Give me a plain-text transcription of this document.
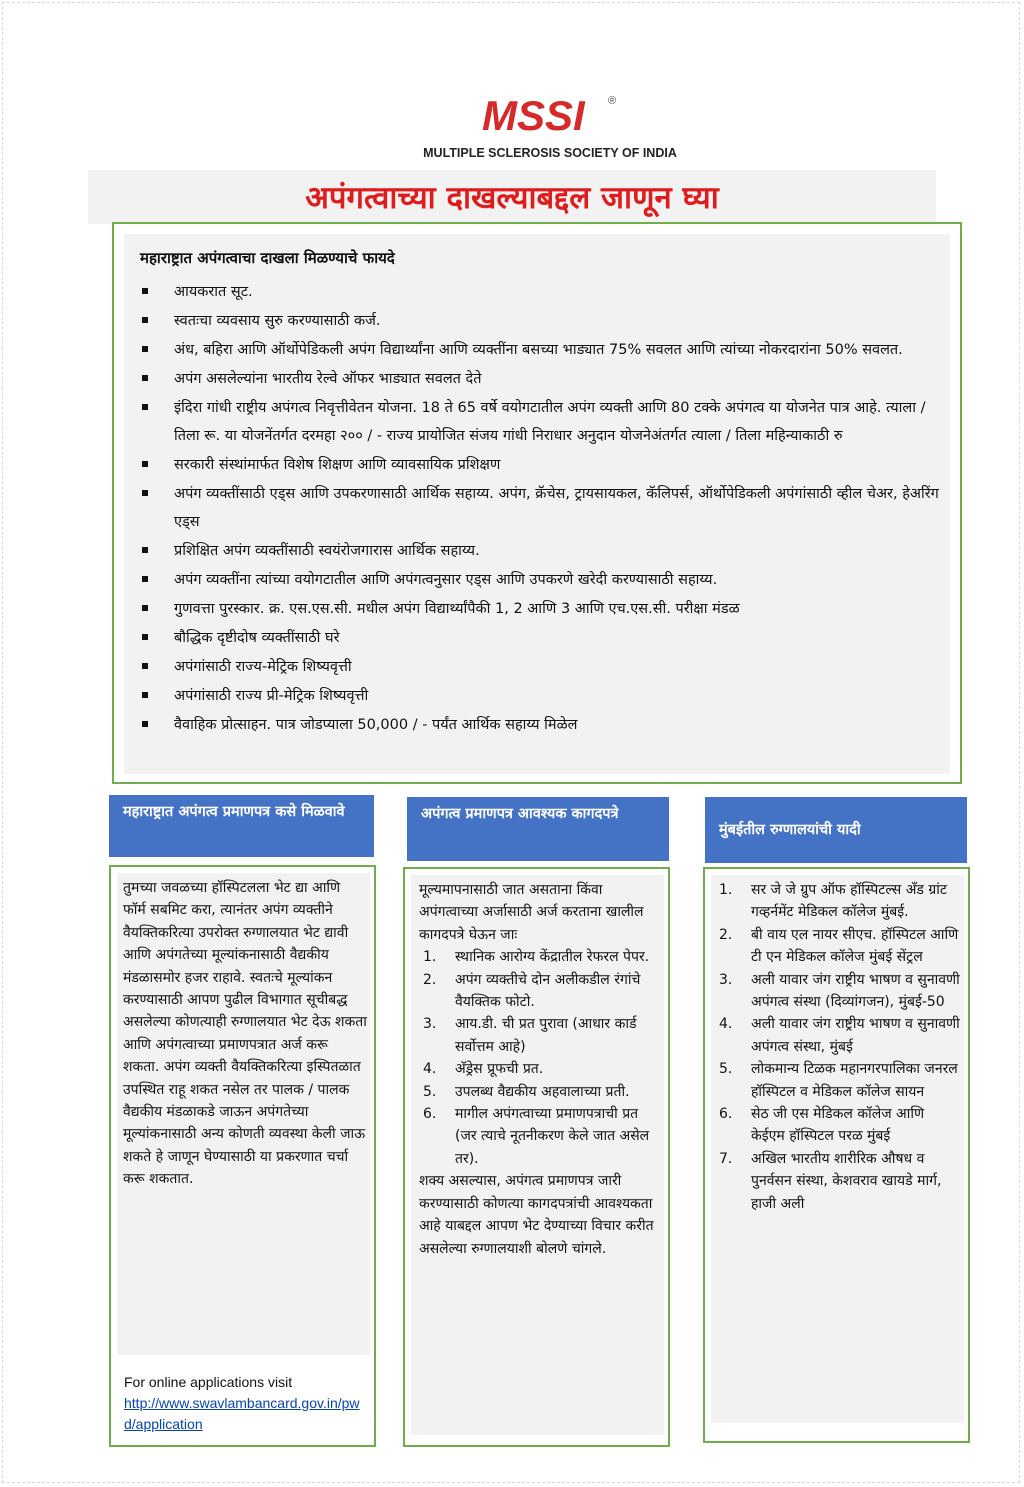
MSSI ®
MULTIPLE SCLEROSIS SOCIETY OF INDIA
अपंगत्वाच्या दाखल्याबद्दल जाणून घ्या
महाराष्ट्रात अपंगत्वाचा दाखला मिळण्याचे फायदे
आयकरात सूट.
स्वतःचा व्यवसाय सुरु करण्यासाठी कर्ज.
अंध, बहिरा आणि ऑर्थोपेडिकली अपंग विद्यार्थ्यांना आणि व्यक्तींना बसच्या भाड्यात 75% सवलत आणि त्यांच्या नोकरदारांना 50% सवलत.
अपंग असलेल्यांना भारतीय रेल्वे ऑफर भाड्यात सवलत देते
इंदिरा गांधी राष्ट्रीय अपंगत्व निवृत्तीवेतन योजना. 18 ते 65 वर्षे वयोगटातील अपंग व्यक्ती आणि 80 टक्के अपंगत्व या योजनेत पात्र आहे. त्याला / तिला रू. या योजनेंतर्गत दरमहा २०० / - राज्य प्रायोजित संजय गांधी निराधार अनुदान योजनेअंतर्गत त्याला / तिला महिन्याकाठी रु
सरकारी संस्थांमार्फत विशेष शिक्षण आणि व्यावसायिक प्रशिक्षण
अपंग व्यक्तींसाठी एड्स आणि उपकरणासाठी आर्थिक सहाय्य. अपंग, क्रॅचेस, ट्रायसायकल, कॅलिपर्स, ऑर्थोपेडिकली अपंगांसाठी व्हील चेअर, हेअरिंग एड्स
प्रशिक्षित अपंग व्यक्तींसाठी स्वयंरोजगारास आर्थिक सहाय्य.
अपंग व्यक्तींना त्यांच्या वयोगटातील आणि अपंगत्वनुसार एड्स आणि उपकरणे खरेदी करण्यासाठी सहाय्य.
गुणवत्ता पुरस्कार. क्र. एस.एस.सी. मधील अपंग विद्यार्थ्यांपैकी 1, 2 आणि 3 आणि एच.एस.सी. परीक्षा मंडळ
बौद्धिक दृष्टीदोष व्यक्तींसाठी घरे
अपंगांसाठी राज्य-मेट्रिक शिष्यवृत्ती
अपंगांसाठी राज्य प्री-मेट्रिक शिष्यवृत्ती
वैवाहिक प्रोत्साहन. पात्र जोडप्याला 50,000 / - पर्यंत आर्थिक सहाय्य मिळेल
महाराष्ट्रात अपंगत्व प्रमाणपत्र कसे मिळवावे	अपंगत्व प्रमाणपत्र आवश्यक कागदपत्रे
मुंबईतील रुग्णालयांची यादी
तुमच्या जवळच्या हॉस्पिटलला भेट द्या आणि फॉर्म सबमिट करा, त्यानंतर अपंग व्यक्तीने वैयक्तिकरित्या उपरोक्त रुग्णालयात भेट द्यावी आणि अपंगतेच्या मूल्यांकनासाठी वैद्यकीय मंडळासमोर हजर राहावे. स्वतःचे मूल्यांकन करण्यासाठी आपण पुढील विभागात सूचीबद्ध असलेल्या कोणत्याही रुग्णालयात भेट देऊ शकता आणि अपंगत्वाच्या प्रमाणपत्रात अर्ज करू शकता. अपंग व्यक्ती वैयक्तिकरित्या इस्पितळात उपस्थित राहू शकत नसेल तर पालक / पालक वैद्यकीय मंडळाकडे जाऊन अपंगतेच्या मूल्यांकनासाठी अन्य कोणती व्यवस्था केली जाऊ शकते हे जाणून घेण्यासाठी या प्रकरणात चर्चा करू शकतात.
For online applications visit
http://www.swavlambancard.gov.in/pwd/application
मूल्यमापनासाठी जात असताना किंवा अपंगत्वाच्या अर्जासाठी अर्ज करताना खालील कागदपत्रे घेऊन जाः
1. स्थानिक आरोग्य केंद्रातील रेफरल पेपर.
2. अपंग व्यक्तीचे दोन अलीकडील रंगांचे वैयक्तिक फोटो.
3. आय.डी. ची प्रत पुरावा (आधार कार्ड सर्वोत्तम आहे)
4. अ‍ॅड्रेस प्रूफची प्रत.
5. उपलब्ध वैद्यकीय अहवालाच्या प्रती.
6. मागील अपंगत्वाच्या प्रमाणपत्राची प्रत (जर त्याचे नूतनीकरण केले जात असेल तर).
शक्य असल्यास, अपंगत्व प्रमाणपत्र जारी करण्यासाठी कोणत्या कागदपत्रांची आवश्यकता आहे याबद्दल आपण भेट देण्याच्या विचार करीत असलेल्या रुग्णालयाशी बोलणे चांगले.
1. सर जे जे ग्रुप ऑफ हॉस्पिटल्स अँड ग्रांट गव्हर्नमेंट मेडिकल कॉलेज मुंबई.
2. बी वाय एल नायर सीएच. हॉस्पिटल आणि टी एन मेडिकल कॉलेज मुंबई सेंट्रल
3. अली यावार जंग राष्ट्रीय भाषण व सुनावणी अपंगत्व संस्था (दिव्यांगजन), मुंबई-50
4. अली यावार जंग राष्ट्रीय भाषण व सुनावणी अपंगत्व संस्था, मुंबई
5. लोकमान्य टिळक महानगरपालिका जनरल हॉस्पिटल व मेडिकल कॉलेज सायन
6. सेठ जी एस मेडिकल कॉलेज आणि केईएम हॉस्पिटल परळ मुंबई
7. अखिल भारतीय शारीरिक औषध व पुनर्वसन संस्था, केशवराव खायडे मार्ग, हाजी अली
